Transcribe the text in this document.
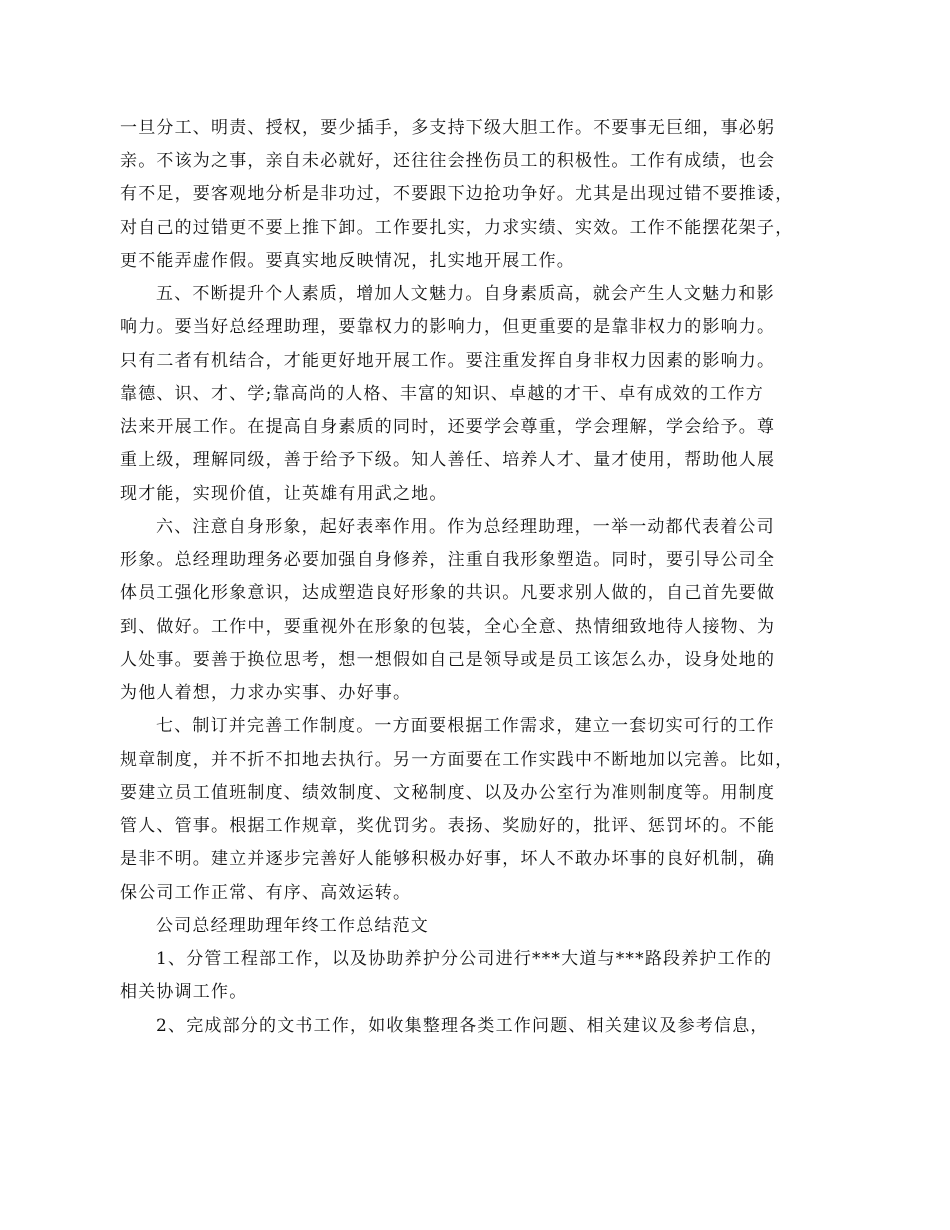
一旦分工、明责、授权，要少插手，多支持下级大胆工作。不要事无巨细，事必躬
亲。不该为之事，亲自未必就好，还往往会挫伤员工的积极性。工作有成绩，也会
有不足，要客观地分析是非功过，不要跟下边抢功争好。尤其是出现过错不要推诿，
对自己的过错更不要上推下卸。工作要扎实，力求实绩、实效。工作不能摆花架子，
更不能弄虚作假。要真实地反映情况，扎实地开展工作。
五、不断提升个人素质，增加人文魅力。自身素质高，就会产生人文魅力和影
响力。要当好总经理助理，要靠权力的影响力，但更重要的是靠非权力的影响力。
只有二者有机结合，才能更好地开展工作。要注重发挥自身非权力因素的影响力。
靠德、识、才、学;靠高尚的人格、丰富的知识、卓越的才干、卓有成效的工作方
法来开展工作。在提高自身素质的同时，还要学会尊重，学会理解，学会给予。尊
重上级，理解同级，善于给予下级。知人善任、培养人才、量才使用，帮助他人展
现才能，实现价值，让英雄有用武之地。
六、注意自身形象，起好表率作用。作为总经理助理，一举一动都代表着公司
形象。总经理助理务必要加强自身修养，注重自我形象塑造。同时，要引导公司全
体员工强化形象意识，达成塑造良好形象的共识。凡要求别人做的，自己首先要做
到、做好。工作中，要重视外在形象的包装，全心全意、热情细致地待人接物、为
人处事。要善于换位思考，想一想假如自己是领导或是员工该怎么办，设身处地的
为他人着想，力求办实事、办好事。
七、制订并完善工作制度。一方面要根据工作需求，建立一套切实可行的工作
规章制度，并不折不扣地去执行。另一方面要在工作实践中不断地加以完善。比如，
要建立员工值班制度、绩效制度、文秘制度、以及办公室行为准则制度等。用制度
管人、管事。根据工作规章，奖优罚劣。表扬、奖励好的，批评、惩罚坏的。不能
是非不明。建立并逐步完善好人能够积极办好事，坏人不敢办坏事的良好机制，确
保公司工作正常、有序、高效运转。
公司总经理助理年终工作总结范文
1、分管工程部工作，以及协助养护分公司进行***大道与***路段养护工作的
相关协调工作。
2、完成部分的文书工作，如收集整理各类工作问题、相关建议及参考信息，
